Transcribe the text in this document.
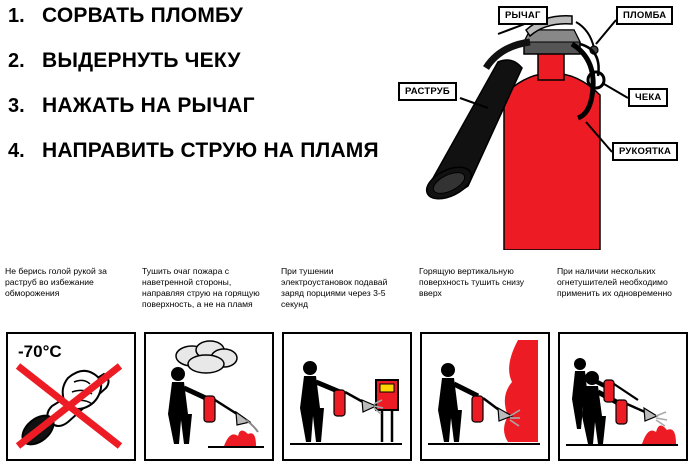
1. СОРВАТЬ ПЛОМБУ
2. ВЫДЕРНУТЬ ЧЕКУ
3. НАЖАТЬ НА РЫЧАГ
4. НАПРАВИТЬ СТРУЮ НА ПЛАМЯ
РЫЧАГ	ПЛОМБА
РАСТРУБ
ЧЕКА
РУКОЯТКА
Не берись голой рукой за раструб во избежание обморожения
Тушить очаг пожара с наветренной стороны, направляя струю на горящую поверхность, а не на пламя
При тушении электроустановок подавай заряд порциями через 3-5 секунд
Горящую вертикальную поверхность тушить снизу вверх
При наличии нескольких огнетушителей необходимо применить их одновременно
-70°C
